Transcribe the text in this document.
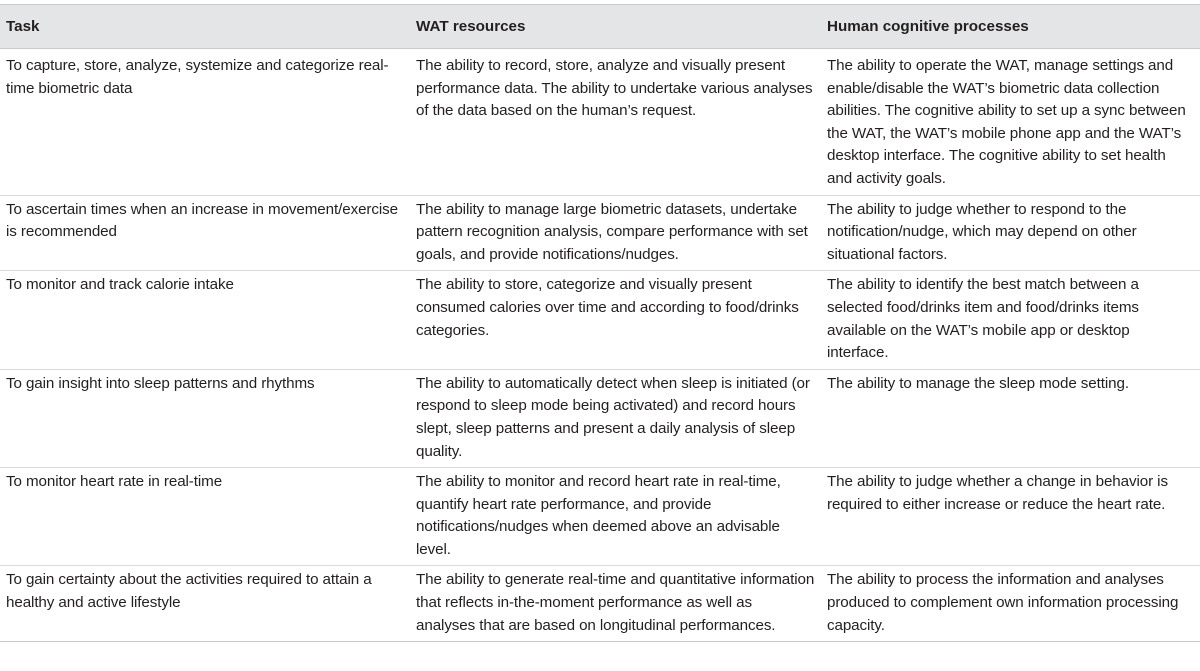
Task	WAT resources	Human cognitive processes
To capture, store, analyze, systemize and categorize real-time biometric data	The ability to record, store, analyze and visually present performance data. The ability to undertake various analyses of the data based on the human’s request.	The ability to operate the WAT, manage settings and enable/disable the WAT’s biometric data collection abilities. The cognitive ability to set up a sync between the WAT, the WAT’s mobile phone app and the WAT’s desktop interface. The cognitive ability to set health and activity goals.
To ascertain times when an increase in movement/exercise is recommended	The ability to manage large biometric datasets, undertake pattern recognition analysis, compare performance with set goals, and provide notifications/nudges.	The ability to judge whether to respond to the notification/nudge, which may depend on other situational factors.
To monitor and track calorie intake	The ability to store, categorize and visually present consumed calories over time and according to food/drinks categories.	The ability to identify the best match between a selected food/drinks item and food/drinks items available on the WAT’s mobile app or desktop interface.
To gain insight into sleep patterns and rhythms	The ability to automatically detect when sleep is initiated (or respond to sleep mode being activated) and record hours slept, sleep patterns and present a daily analysis of sleep quality.	The ability to manage the sleep mode setting.
To monitor heart rate in real-time	The ability to monitor and record heart rate in real-time, quantify heart rate performance, and provide notifications/nudges when deemed above an advisable level.	The ability to judge whether a change in behavior is required to either increase or reduce the heart rate.
To gain certainty about the activities required to attain a healthy and active lifestyle	The ability to generate real-time and quantitative information that reflects in-the-moment performance as well as analyses that are based on longitudinal performances.	The ability to process the information and analyses produced to complement own information processing capacity.
